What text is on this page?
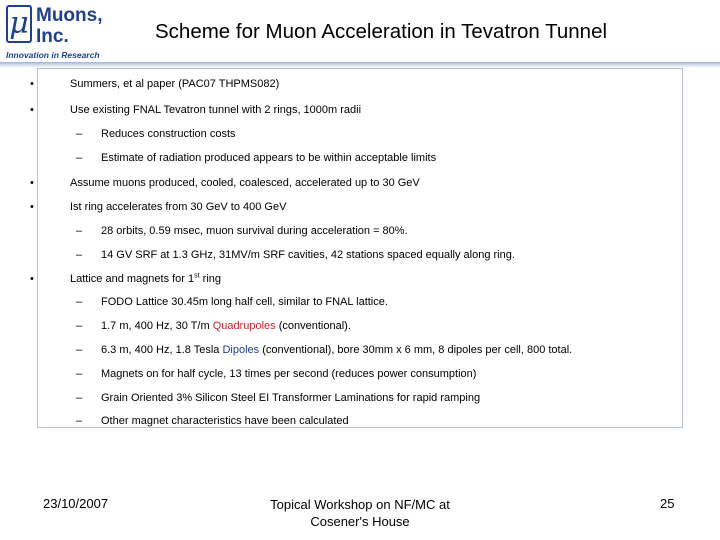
μ Muons,
Inc.
Innovation in Research
Scheme for Muon Acceleration in Tevatron Tunnel
•	Summers, et al paper (PAC07 THPMS082)
•	Use existing FNAL Tevatron tunnel with 2 rings, 1000m radii
– Reduces construction costs
– Estimate of radiation produced appears to be within acceptable limits
•	Assume muons produced, cooled, coalesced, accelerated up to 30 GeV
•	Ist ring accelerates from 30 GeV to 400 GeV
– 28 orbits, 0.59 msec, muon survival during acceleration = 80%.
– 14 GV SRF at 1.3 GHz, 31MV/m SRF cavities, 42 stations spaced equally along ring.
•	Lattice and magnets for 1st ring
– FODO Lattice 30.45m long half cell, similar to FNAL lattice.
– 1.7 m, 400 Hz, 30 T/m Quadrupoles (conventional).
– 6.3 m, 400 Hz, 1.8 Tesla Dipoles (conventional), bore 30mm x 6 mm, 8 dipoles per cell, 800 total.
– Magnets on for half cycle, 13 times per second (reduces power consumption)
– Grain Oriented 3% Silicon Steel EI Transformer Laminations for rapid ramping
– Other magnet characteristics have been calculated
23/10/2007	Topical Workshop on NF/MC at
Cosener's House
25
